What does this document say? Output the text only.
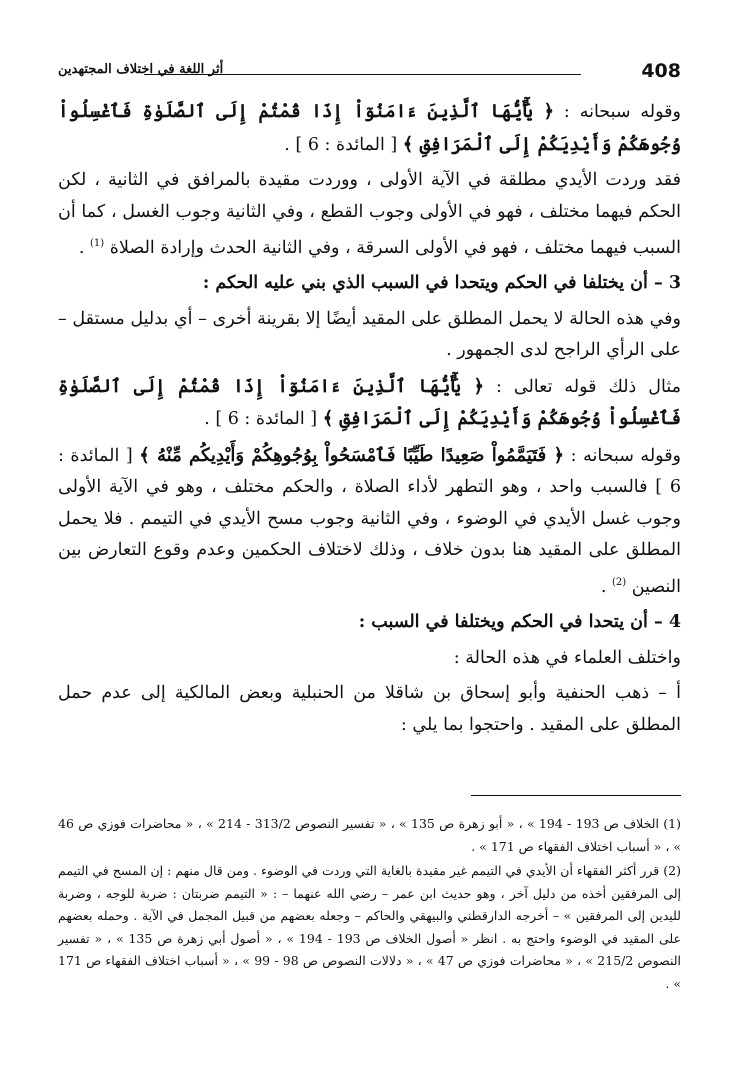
408
أثر اللغة في اختلاف المجتهدين

وقوله سبحانه : ﴿ يَٰٓأَيُّهَا ٱلَّذِينَ ءَامَنُوٓاْ إِذَا قُمْتُمْ إِلَى ٱلصَّلَوٰةِ فَٱغْسِلُواْ وُجُوهَكُمْ وَأَيْدِيَكُمْ إِلَى ٱلْمَرَافِقِ ﴾ [ المائدة : 6 ] .

فقد وردت الأيدي مطلقة في الآية الأولى ، ووردت مقيدة بالمرافق في الثانية ، لكن الحكم فيهما مختلف ، فهو في الأولى وجوب القطع ، وفي الثانية وجوب الغسل ، كما أن السبب فيهما مختلف ، فهو في الأولى السرقة ، وفي الثانية الحدث وإرادة الصلاة $^{(1)}$ .

3 – أن يختلفا في الحكم ويتحدا في السبب الذي بني عليه الحكم :

وفي هذه الحالة لا يحمل المطلق على المقيد أيضًا إلا بقرينة أخرى – أي بدليل مستقل – على الرأي الراجح لدى الجمهور .

مثال ذلك قوله تعالى : ﴿ يَٰٓأَيُّهَا ٱلَّذِينَ ءَامَنُوٓاْ إِذَا قُمْتُمْ إِلَى ٱلصَّلَوٰةِ فَٱغْسِلُواْ وُجُوهَكُمْ وَأَيْدِيَكُمْ إِلَى ٱلْمَرَافِقِ ﴾ [ المائدة : 6 ] .

وقوله سبحانه : ﴿ فَتَيَمَّمُواْ صَعِيدًا طَيِّبًا فَٱمْسَحُواْ بِوُجُوهِكُمْ وَأَيْدِيكُم مِّنْهُ ﴾ [ المائدة : 6 ] فالسبب واحد ، وهو التطهر لأداء الصلاة ، والحكم مختلف ، وهو في الآية الأولى وجوب غسل الأيدي في الوضوء ، وفي الثانية وجوب مسح الأيدي في التيمم . فلا يحمل المطلق على المقيد هنا بدون خلاف ، وذلك لاختلاف الحكمين وعدم وقوع التعارض بين النصين $^{(2)}$ .

4 – أن يتحدا في الحكم ويختلفا في السبب :

واختلف العلماء في هذه الحالة :

أ – ذهب الحنفية وأبو إسحاق بن شاقلا من الحنبلية وبعض المالكية إلى عدم حمل المطلق على المقيد . واحتجوا بما يلي :

(1) الخلاف ص 193 - 194 » ، « أبو زهرة ص 135 » ، « تفسير النصوص 313/2 - 214 » ، « محاضرات فوزي ص 46 » ، « أسباب اختلاف الفقهاء ص 171 » .

(2) قرر أكثر الفقهاء أن الأيدي في التيمم غير مقيدة بالغاية التي وردت في الوضوء . ومن قال منهم : إن المسح في التيمم إلى المرفقين أخذه من دليل آخر ، وهو حديث ابن عمر – رضي الله عنهما – : « التيمم ضربتان : ضربة للوجه ، وضربة لليدين إلى المرفقين » – أخرجه الدارقطني والبيهقي والحاكم – وجعله بعضهم من قبيل المجمل في الآية . وحمله بعضهم على المقيد في الوضوء واحتج به . انظر « أصول الخلاف ص 193 - 194 » ، « أصول أبي زهرة ص 135 » ، « تفسير النصوص 215/2 » ، « محاضرات فوزي ص 47 » ، « دلالات النصوص ص 98 - 99 » ، « أسباب اختلاف الفقهاء ص 171 » .
